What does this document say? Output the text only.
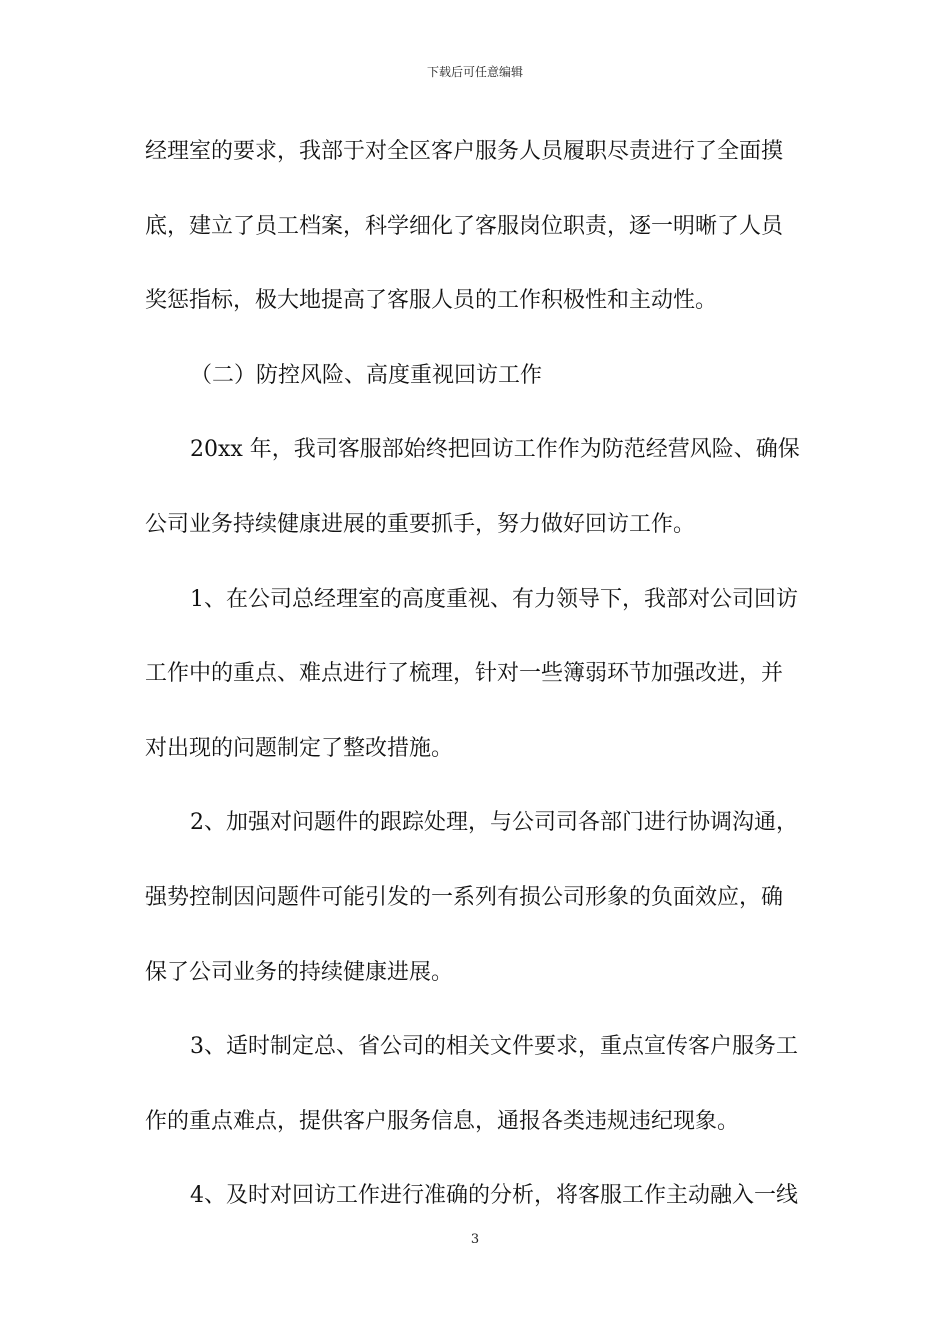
下载后可任意编辑
经理室的要求，我部于对全区客户服务人员履职尽责进行了全面摸
底，建立了员工档案，科学细化了客服岗位职责，逐一明晰了人员
奖惩指标，极大地提高了客服人员的工作积极性和主动性。
（二）防控风险、高度重视回访工作
20xx 年，我司客服部始终把回访工作作为防范经营风险、确保
公司业务持续健康进展的重要抓手，努力做好回访工作。
1、在公司总经理室的高度重视、有力领导下，我部对公司回访
工作中的重点、难点进行了梳理，针对一些簿弱环节加强改进，并
对出现的问题制定了整改措施。
2、加强对问题件的跟踪处理，与公司司各部门进行协调沟通，
强势控制因问题件可能引发的一系列有损公司形象的负面效应，确
保了公司业务的持续健康进展。
3、适时制定总、省公司的相关文件要求，重点宣传客户服务工
作的重点难点，提供客户服务信息，通报各类违规违纪现象。
4、及时对回访工作进行准确的分析，将客服工作主动融入一线
3
